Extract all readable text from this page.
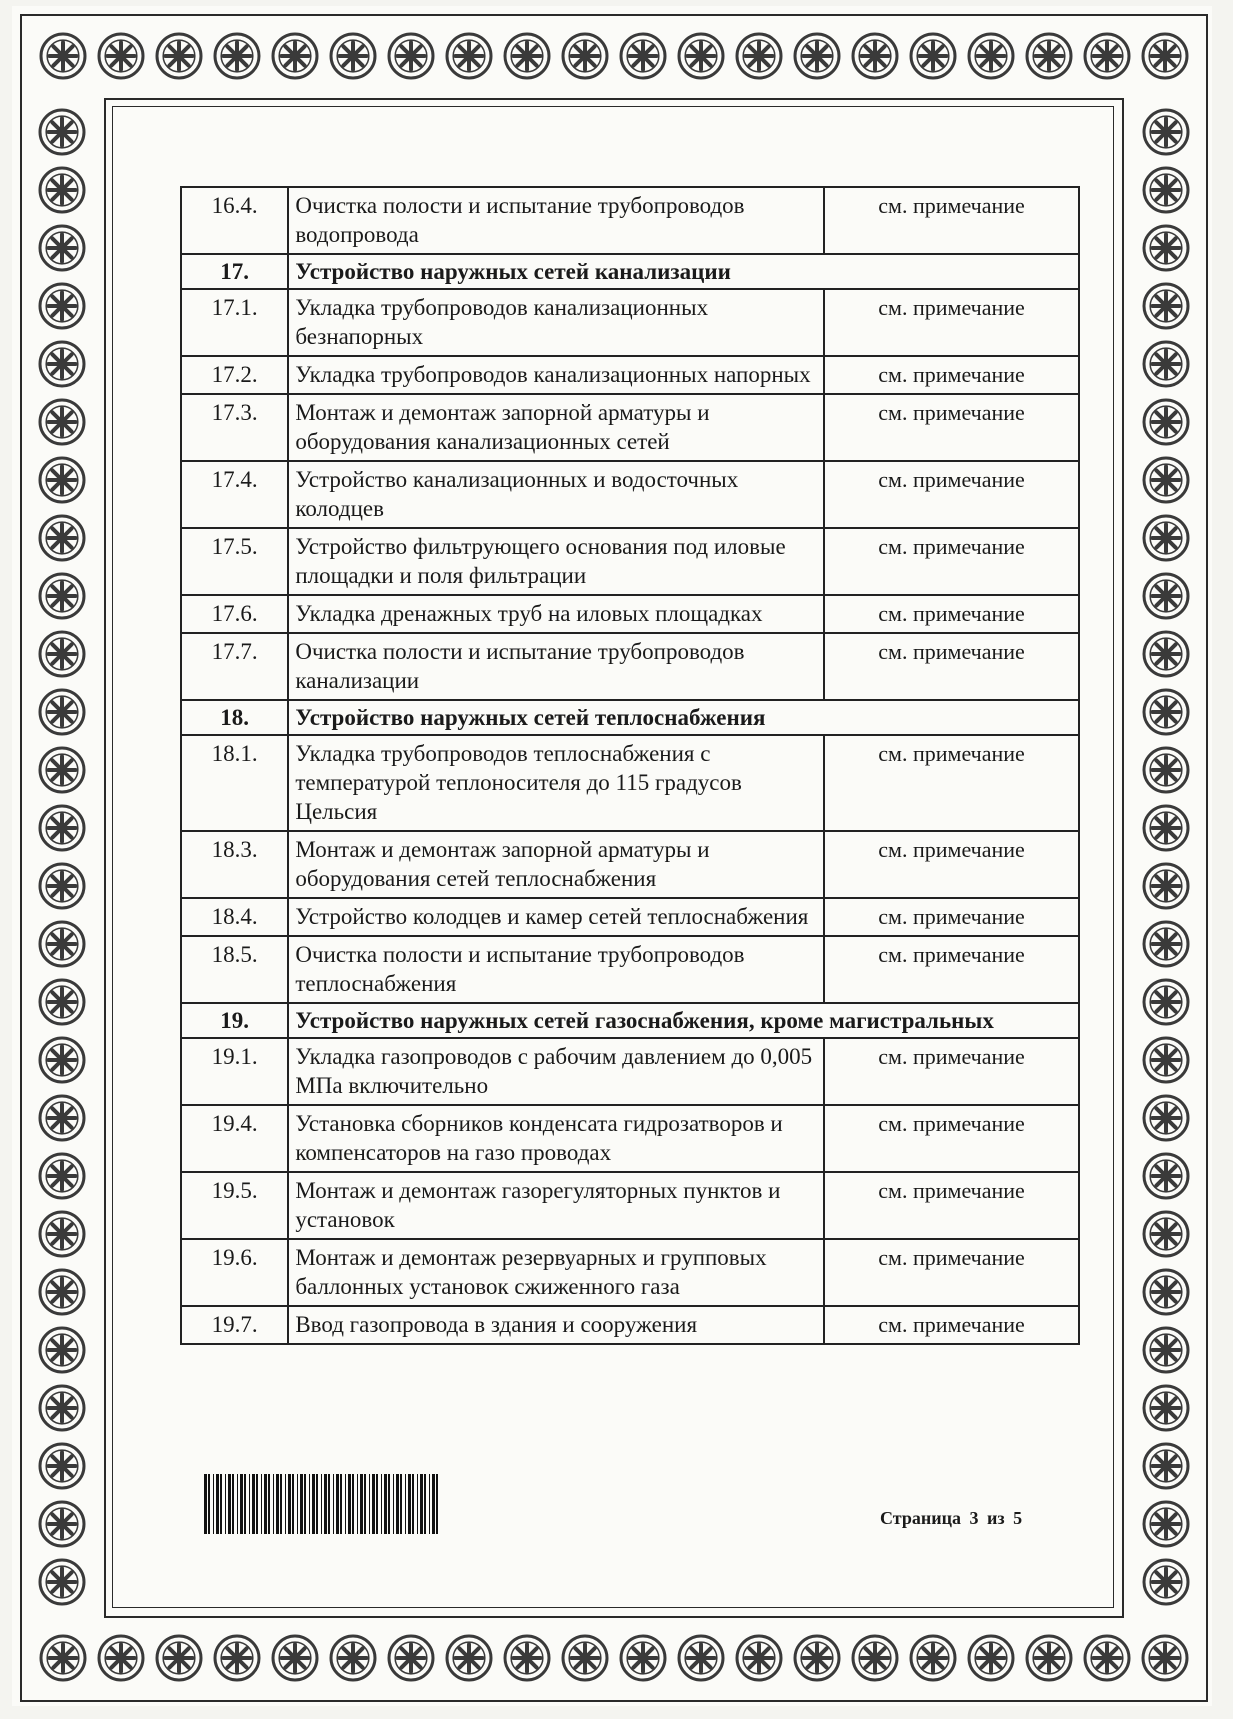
16.4.	Очистка полости и испытание трубопроводов водопровода	см. примечание
17.	Устройство наружных сетей канализации	
17.1.	Укладка трубопроводов канализационных безнапорных	см. примечание
17.2.	Укладка трубопроводов канализационных напорных	см. примечание
17.3.	Монтаж и демонтаж запорной арматуры и оборудования канализационных сетей	см. примечание
17.4.	Устройство канализационных и водосточных колодцев	см. примечание
17.5.	Устройство фильтрующего основания под иловые площадки и поля фильтрации	см. примечание
17.6.	Укладка дренажных труб на иловых площадках	см. примечание
17.7.	Очистка полости и испытание трубопроводов канализации	см. примечание
18.	Устройство наружных сетей теплоснабжения	
18.1.	Укладка трубопроводов теплоснабжения с температурой теплоносителя до 115 градусов Цельсия	см. примечание
18.3.	Монтаж и демонтаж запорной арматуры и оборудования сетей теплоснабжения	см. примечание
18.4.	Устройство колодцев и камер сетей теплоснабжения	см. примечание
18.5.	Очистка полости и испытание трубопроводов теплоснабжения	см. примечание
19.	Устройство наружных сетей газоснабжения, кроме магистральных	
19.1.	Укладка газопроводов с рабочим давлением до 0,005 МПа включительно	см. примечание
19.4.	Установка сборников конденсата гидрозатворов и компенсаторов на газо проводах	см. примечание
19.5.	Монтаж и демонтаж газорегуляторных пунктов и установок	см. примечание
19.6.	Монтаж и демонтаж резервуарных и групповых баллонных установок сжиженного газа	см. примечание
19.7.	Ввод газопровода в здания и сооружения	см. примечание
Страница 3 из 5
